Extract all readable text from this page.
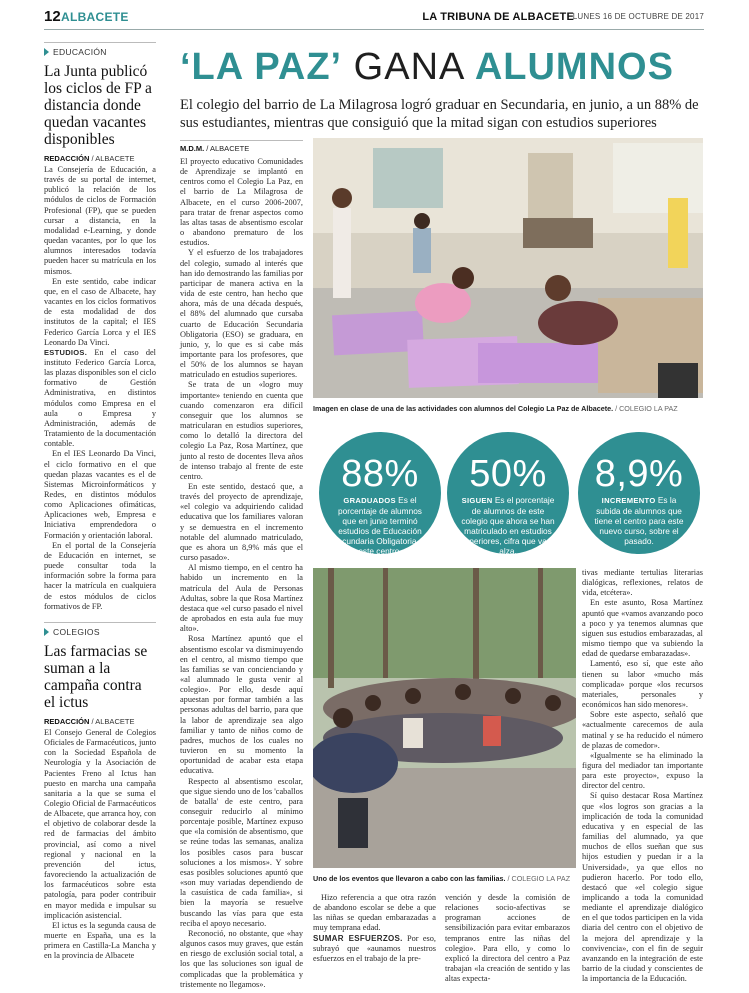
12 ALBACETE	LA TRIBUNA DE ALBACETE
LUNES 16 DE OCTUBRE DE 2017
EDUCACIÓN
La Junta publicó los ciclos de FP a distancia donde quedan vacantes disponibles
REDACCIÓN / ALBACETE

La Consejería de Educación, a través de su portal de internet, publicó la relación de los módulos de ciclos de Formación Profesional (FP), que se pueden cursar a distancia, en la modalidad e-Learning, y donde quedan vacantes, por lo que los alumnos interesados todavía pueden hacer su matrícula en los mismos.

En este sentido, cabe indicar que, en el caso de Albacete, hay vacantes en los ciclos formativos de esta modalidad de dos institutos de la capital; el IES Federico García Lorca y el IES Leonardo Da Vinci.

ESTUDIOS. En el caso del instituto Federico García Lorca, las plazas disponibles son el ciclo formativo de Gestión Administrativa, en distintos módulos como Empresa en el aula o Empresa y Administración, además de Tratamiento de la documentación contable.

En el IES Leonardo Da Vinci, el ciclo formativo en el que quedan plazas vacantes es el de Sistemas Microinformáticos y Redes, en distintos módulos como Aplicaciones ofimáticas, Aplicaciones web, Empresa e Iniciativa emprendedora o Formación y orientación laboral.

En el portal de la Consejería de Educación en internet, se puede consultar toda la información sobre la forma para hacer la matrícula en cualquiera de estos módulos de ciclos formativos de FP.

COLEGIOS
Las farmacias se suman a la campaña contra el ictus
REDACCIÓN / ALBACETE

El Consejo General de Colegios Oficiales de Farmacéuticos, junto con la Sociedad Española de Neurología y la Asociación de Pacientes Freno al Ictus han puesto en marcha una campaña sanitaria a la que se suma el Colegio Oficial de Farmacéuticos de Albacete, que arranca hoy, con el objetivo de colaborar desde la red de farmacias del ámbito provincial, así como a nivel regional y nacional en la prevención del ictus, favoreciendo la actualización de los farmacéuticos sobre esta patología, para poder contribuir en mayor medida e impulsar su implicación asistencial.

El ictus es la segunda causa de muerte en España, una es la primera en Castilla-La Mancha y en la provincia de Albacete

‘LA PAZ’ GANA ALUMNOS
El colegio del barrio de La Milagrosa logró graduar en Secundaria, en junio, a un 88% de sus estudiantes, mientras que consiguió que la mitad sigan con estudios superiores
M.D.M. / ALBACETE

El proyecto educativo Comunidades de Aprendizaje se implantó en centros como el Colegio La Paz, en el barrio de La Milagrosa de Albacete, en el curso 2006-2007, para tratar de frenar aspectos como las altas tasas de absentismo escolar o abandono prematuro de los estudios.

Y el esfuerzo de los trabajadores del colegio, sumado al interés que han ido demostrando las familias por participar de manera activa en la vida de este centro, han hecho que ahora, más de una década después, el 88% del alumnado que cursaba cuarto de Educación Secundaria Obligatoria (ESO) se graduara, en junio, y, lo que es si cabe más importante para los profesores, que el 50% de los alumnos se hayan matriculado en estudios superiores.

Se trata de un «logro muy importante» teniendo en cuenta que cuando comenzaron era difícil conseguir que los alumnos se matricularan en estudios superiores, como lo detalló la directora del colegio La Paz, Rosa Martínez, que junto al resto de docentes lleva años de intenso trabajo al frente de este centro.

En este sentido, destacó que, a través del proyecto de aprendizaje, «el colegio va adquiriendo calidad educativa que los familiares valoran y se demuestra en el incremento notable del alumnado matriculado, que es ahora un 8,9% más que el curso pasado».

Al mismo tiempo, en el centro ha habido un incremento en la matrícula del Aula de Personas Adultas, sobre la que Rosa Martínez destaca que «el curso pasado el nivel de aprobados en esta aula fue muy alto».

Rosa Martínez apuntó que el absentismo escolar va disminuyendo en el centro, al mismo tiempo que las familias se van concienciando y «al alumnado le gusta venir al colegio». Por ello, desde aquí apuestan por formar también a las personas adultas del barrio, para que la labor de aprendizaje sea algo familiar y tanto de niños como de padres, muchos de los cuales no tuvieron en su momento la oportunidad de acabar esta etapa educativa.

Respecto al absentismo escolar, que sigue siendo uno de los 'caballos de batalla' de este centro, para conseguir reducirlo al mínimo porcentaje posible, Martínez expuso que «la comisión de absentismo, que se reúne todas las semanas, analiza los posibles casos para buscar soluciones a los mismos». Y sobre esas posibles soluciones apuntó que «son muy variadas dependiendo de la casuística de cada familia», si bien la mayoría se resuelve buscando las vías para que esta reciba el apoyo necesario.

Reconoció, no obstante, que «hay algunos casos muy graves, que están en riesgo de exclusión social total, a los que las soluciones son igual de complicadas que la problemática y tristemente no llegamos».

Imagen en clase de una de las actividades con alumnos del Colegio La Paz de Albacete. / COLEGIO LA PAZ
88%
GRADUADOS Es el porcentaje de alumnos que en junio terminó estudios de Educación Secundaria Obligatoria en este centro.
50%
SIGUEN Es el porcentaje de alumnos de este colegio que ahora se han matriculado en estudios superiores, cifra que va al alza.
8,9%
INCREMENTO Es la subida de alumnos que tiene el centro para este nuevo curso, sobre el pasado.
Uno de los eventos que llevaron a cabo con las familias. / COLEGIO LA PAZ

Hizo referencia a que otra razón de abandono escolar se debe a que las niñas se quedan embarazadas a muy temprana edad.

SUMAR ESFUERZOS. Por eso, subrayó que «aunamos nuestros esfuerzos en el trabajo de la pre-

vención y desde la comisión de relaciones socio-afectivas se programan acciones de sensibilización para evitar embarazos tempranos entre las niñas del colegio». Para ello, y como lo explicó la directora del centro a Paz trabajan «la creación de sentido y las altas expecta-

tivas mediante tertulias literarias dialógicas, reflexiones, relatos de vida, etcétera».

En este asunto, Rosa Martínez apuntó que «vamos avanzando poco a poco y ya tenemos alumnas que siguen sus estudios embarazadas, al mismo tiempo que va subiendo la edad de quedarse embarazadas».

Lamentó, eso sí, que este año tienen su labor «mucho más complicada» porque «los recursos materiales, personales y económicos han sido menores».

Sobre este aspecto, señaló que «actualmente carecemos de aula matinal y se ha reducido el número de plazas de comedor».

«Igualmente se ha eliminado la figura del mediador tan importante para este proyecto», expuso la director del centro.

Sí quiso destacar Rosa Martínez que «los logros son gracias a la implicación de toda la comunidad educativa y en especial de las familias del alumnado, ya que muchos de ellos sueñan que sus hijos estudien y puedan ir a la Universidad», ya que ellos no pudieron hacerlo. Por todo ello, destacó que «el colegio sigue implicando a toda la comunidad mediante el aprendizaje dialógico en el que todos participen en la vida diaria del centro con el objetivo de la mejora del aprendizaje y la convivencia», con el fin de seguir avanzando en la integración de este barrio de la ciudad y conscientes de la importancia de la Educación.
